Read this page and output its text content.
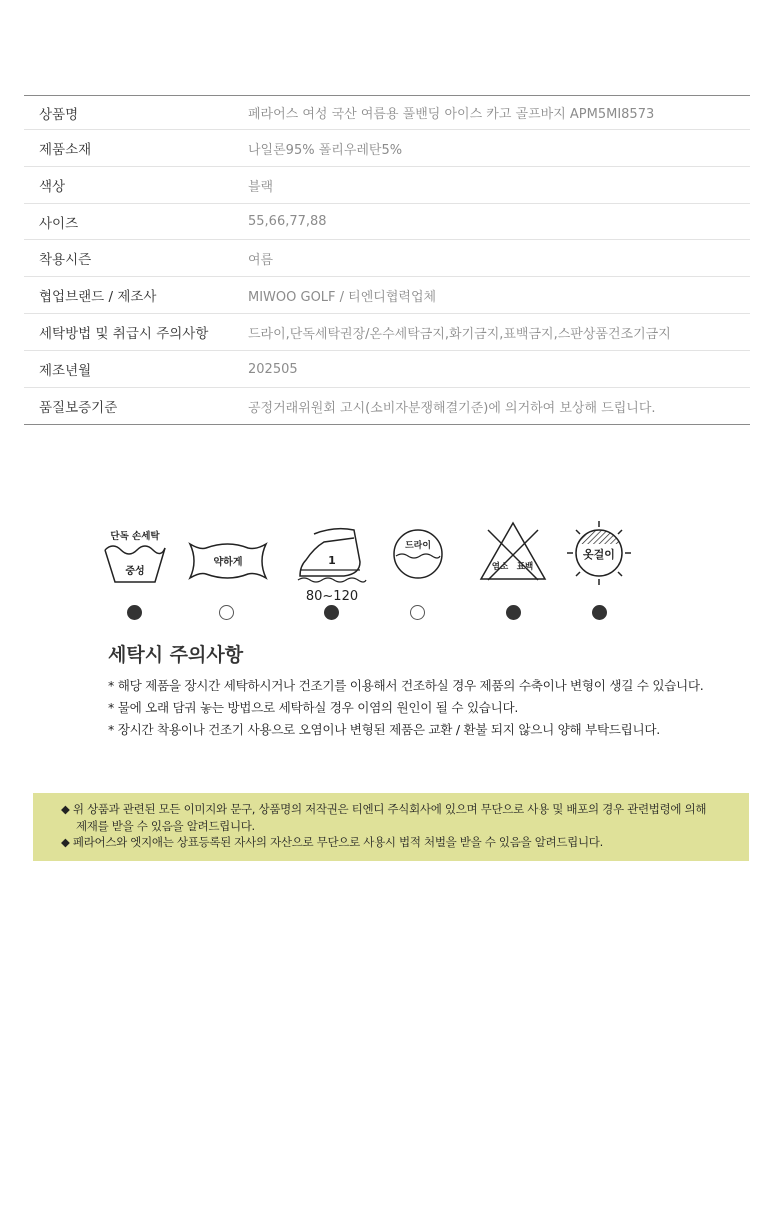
상품명	페라어스 여성 국산 여름용 풀밴딩 아이스 카고 골프바지 APM5MI8573
제품소재	나일론95% 폴리우레탄5%
색상	블랙
사이즈	55,66,77,88
착용시즌	여름
협업브랜드 / 제조사	MIWOO GOLF / 티엔디협력업체
세탁방법 및 취급시 주의사항	드라이,단독세탁권장/온수세탁금지,화기금지,표백금지,스판상품건조기금지
제조년월	202505
품질보증기준	공정거래위원회 고시(소비자분쟁해결기준)에 의거하여 보상해 드립니다.
단독 손세탁
중성
약하게	1
80~120
드라이
염소 표백
옷걸이
세탁시 주의사항

* 해당 제품을 장시간 세탁하시거나 건조기를 이용해서 건조하실 경우 제품의 수축이나 변형이 생길 수 있습니다.

* 물에 오래 담궈 놓는 방법으로 세탁하실 경우 이염의 원인이 될 수 있습니다.

* 장시간 착용이나 건조기 사용으로 오염이나 변형된 제품은 교환 / 환불 되지 않으니 양해 부탁드립니다.

◆ 위 상품과 관련된 모든 이미지와 문구, 상품명의 저작권은 티엔디 주식회사에 있으며 무단으로 사용 및 배포의 경우 관련법령에 의해

제재를 받을 수 있음을 알려드립니다.

◆ 페라어스와 엣지애는 상표등록된 자사의 자산으로 무단으로 사용시 법적 처벌을 받을 수 있음을 알려드립니다.
